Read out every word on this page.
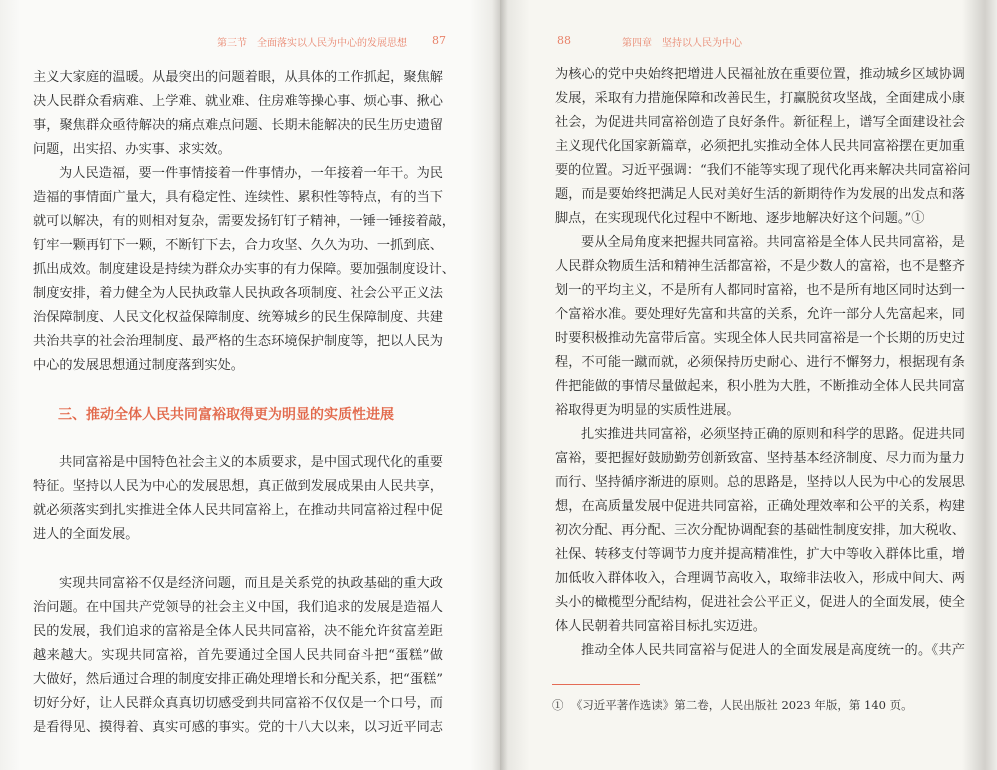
第三节　全面落实以人民为中心的发展思想 87
主义大家庭的温暖。从最突出的问题着眼，从具体的工作抓起，聚焦解
决人民群众看病难、上学难、就业难、住房难等操心事、烦心事、揪心
事，聚焦群众亟待解决的痛点难点问题、长期未能解决的民生历史遗留
问题，出实招、办实事、求实效。
为人民造福，要一件事情接着一件事情办，一年接着一年干。为民
造福的事情面广量大，具有稳定性、连续性、累积性等特点，有的当下
就可以解决，有的则相对复杂，需要发扬钉钉子精神，一锤一锤接着敲，
钉牢一颗再钉下一颗，不断钉下去，合力攻坚、久久为功、一抓到底、
抓出成效。制度建设是持续为群众办实事的有力保障。要加强制度设计、
制度安排，着力健全为人民执政靠人民执政各项制度、社会公平正义法
治保障制度、人民文化权益保障制度、统筹城乡的民生保障制度、共建
共治共享的社会治理制度、最严格的生态环境保护制度等，把以人民为
中心的发展思想通过制度落到实处。
三、推动全体人民共同富裕取得更为明显的实质性进展
共同富裕是中国特色社会主义的本质要求，是中国式现代化的重要
特征。坚持以人民为中心的发展思想，真正做到发展成果由人民共享，
就必须落实到扎实推进全体人民共同富裕上，在推动共同富裕过程中促
进人的全面发展。
实现共同富裕不仅是经济问题，而且是关系党的执政基础的重大政
治问题。在中国共产党领导的社会主义中国，我们追求的发展是造福人
民的发展，我们追求的富裕是全体人民共同富裕，决不能允许贫富差距
越来越大。实现共同富裕，首先要通过全国人民共同奋斗把“蛋糕”做
大做好，然后通过合理的制度安排正确处理增长和分配关系，把“蛋糕”
切好分好，让人民群众真真切切感受到共同富裕不仅仅是一个口号，而
是看得见、摸得着、真实可感的事实。党的十八大以来，以习近平同志
88	第四章　坚持以人民为中心
为核心的党中央始终把增进人民福祉放在重要位置，推动城乡区域协调
发展，采取有力措施保障和改善民生，打赢脱贫攻坚战，全面建成小康
社会，为促进共同富裕创造了良好条件。新征程上，谱写全面建设社会
主义现代化国家新篇章，必须把扎实推动全体人民共同富裕摆在更加重
要的位置。习近平强调：“我们不能等实现了现代化再来解决共同富裕问
题，而是要始终把满足人民对美好生活的新期待作为发展的出发点和落
脚点，在实现现代化过程中不断地、逐步地解决好这个问题。”①
要从全局角度来把握共同富裕。共同富裕是全体人民共同富裕，是
人民群众物质生活和精神生活都富裕，不是少数人的富裕，也不是整齐
划一的平均主义，不是所有人都同时富裕，也不是所有地区同时达到一
个富裕水准。要处理好先富和共富的关系，允许一部分人先富起来，同
时要积极推动先富带后富。实现全体人民共同富裕是一个长期的历史过
程，不可能一蹴而就，必须保持历史耐心、进行不懈努力，根据现有条
件把能做的事情尽量做起来，积小胜为大胜，不断推动全体人民共同富
裕取得更为明显的实质性进展。
扎实推进共同富裕，必须坚持正确的原则和科学的思路。促进共同
富裕，要把握好鼓励勤劳创新致富、坚持基本经济制度、尽力而为量力
而行、坚持循序渐进的原则。总的思路是，坚持以人民为中心的发展思
想，在高质量发展中促进共同富裕，正确处理效率和公平的关系，构建
初次分配、再分配、三次分配协调配套的基础性制度安排，加大税收、
社保、转移支付等调节力度并提高精准性，扩大中等收入群体比重，增
加低收入群体收入，合理调节高收入，取缔非法收入，形成中间大、两
头小的橄榄型分配结构，促进社会公平正义，促进人的全面发展，使全
体人民朝着共同富裕目标扎实迈进。
推动全体人民共同富裕与促进人的全面发展是高度统一的。《共产
① 《习近平著作选读》第二卷，人民出版社 2023 年版，第 140 页。
